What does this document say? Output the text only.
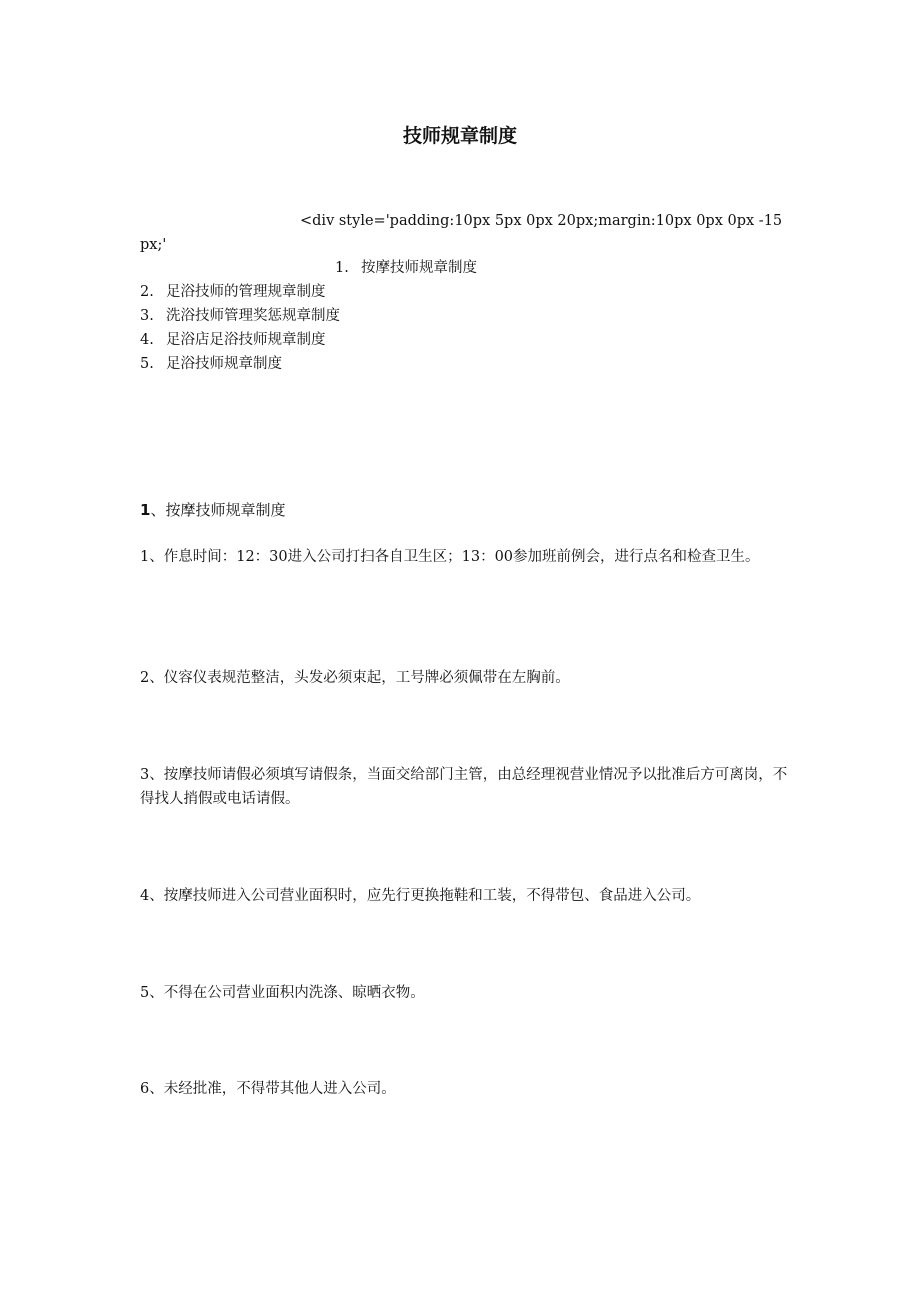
技师规章制度
<div style='padding:10px 5px 0px 20px;margin:10px 0px 0px -15px;'
1. 按摩技师规章制度
2. 足浴技师的管理规章制度
3. 洗浴技师管理奖惩规章制度
4. 足浴店足浴技师规章制度
5. 足浴技师规章制度
1、按摩技师规章制度

1、作息时间：12：30进入公司打扫各自卫生区；13：00参加班前例会，进行点名和检查卫生。

2、仪容仪表规范整洁，头发必须束起，工号牌必须佩带在左胸前。

3、按摩技师请假必须填写请假条，当面交给部门主管，由总经理视营业情况予以批准后方可离岗，不得找人捎假或电话请假。

4、按摩技师进入公司营业面积时，应先行更换拖鞋和工装，不得带包、食品进入公司。

5、不得在公司营业面积内洗涤、晾晒衣物。

6、未经批准，不得带其他人进入公司。
